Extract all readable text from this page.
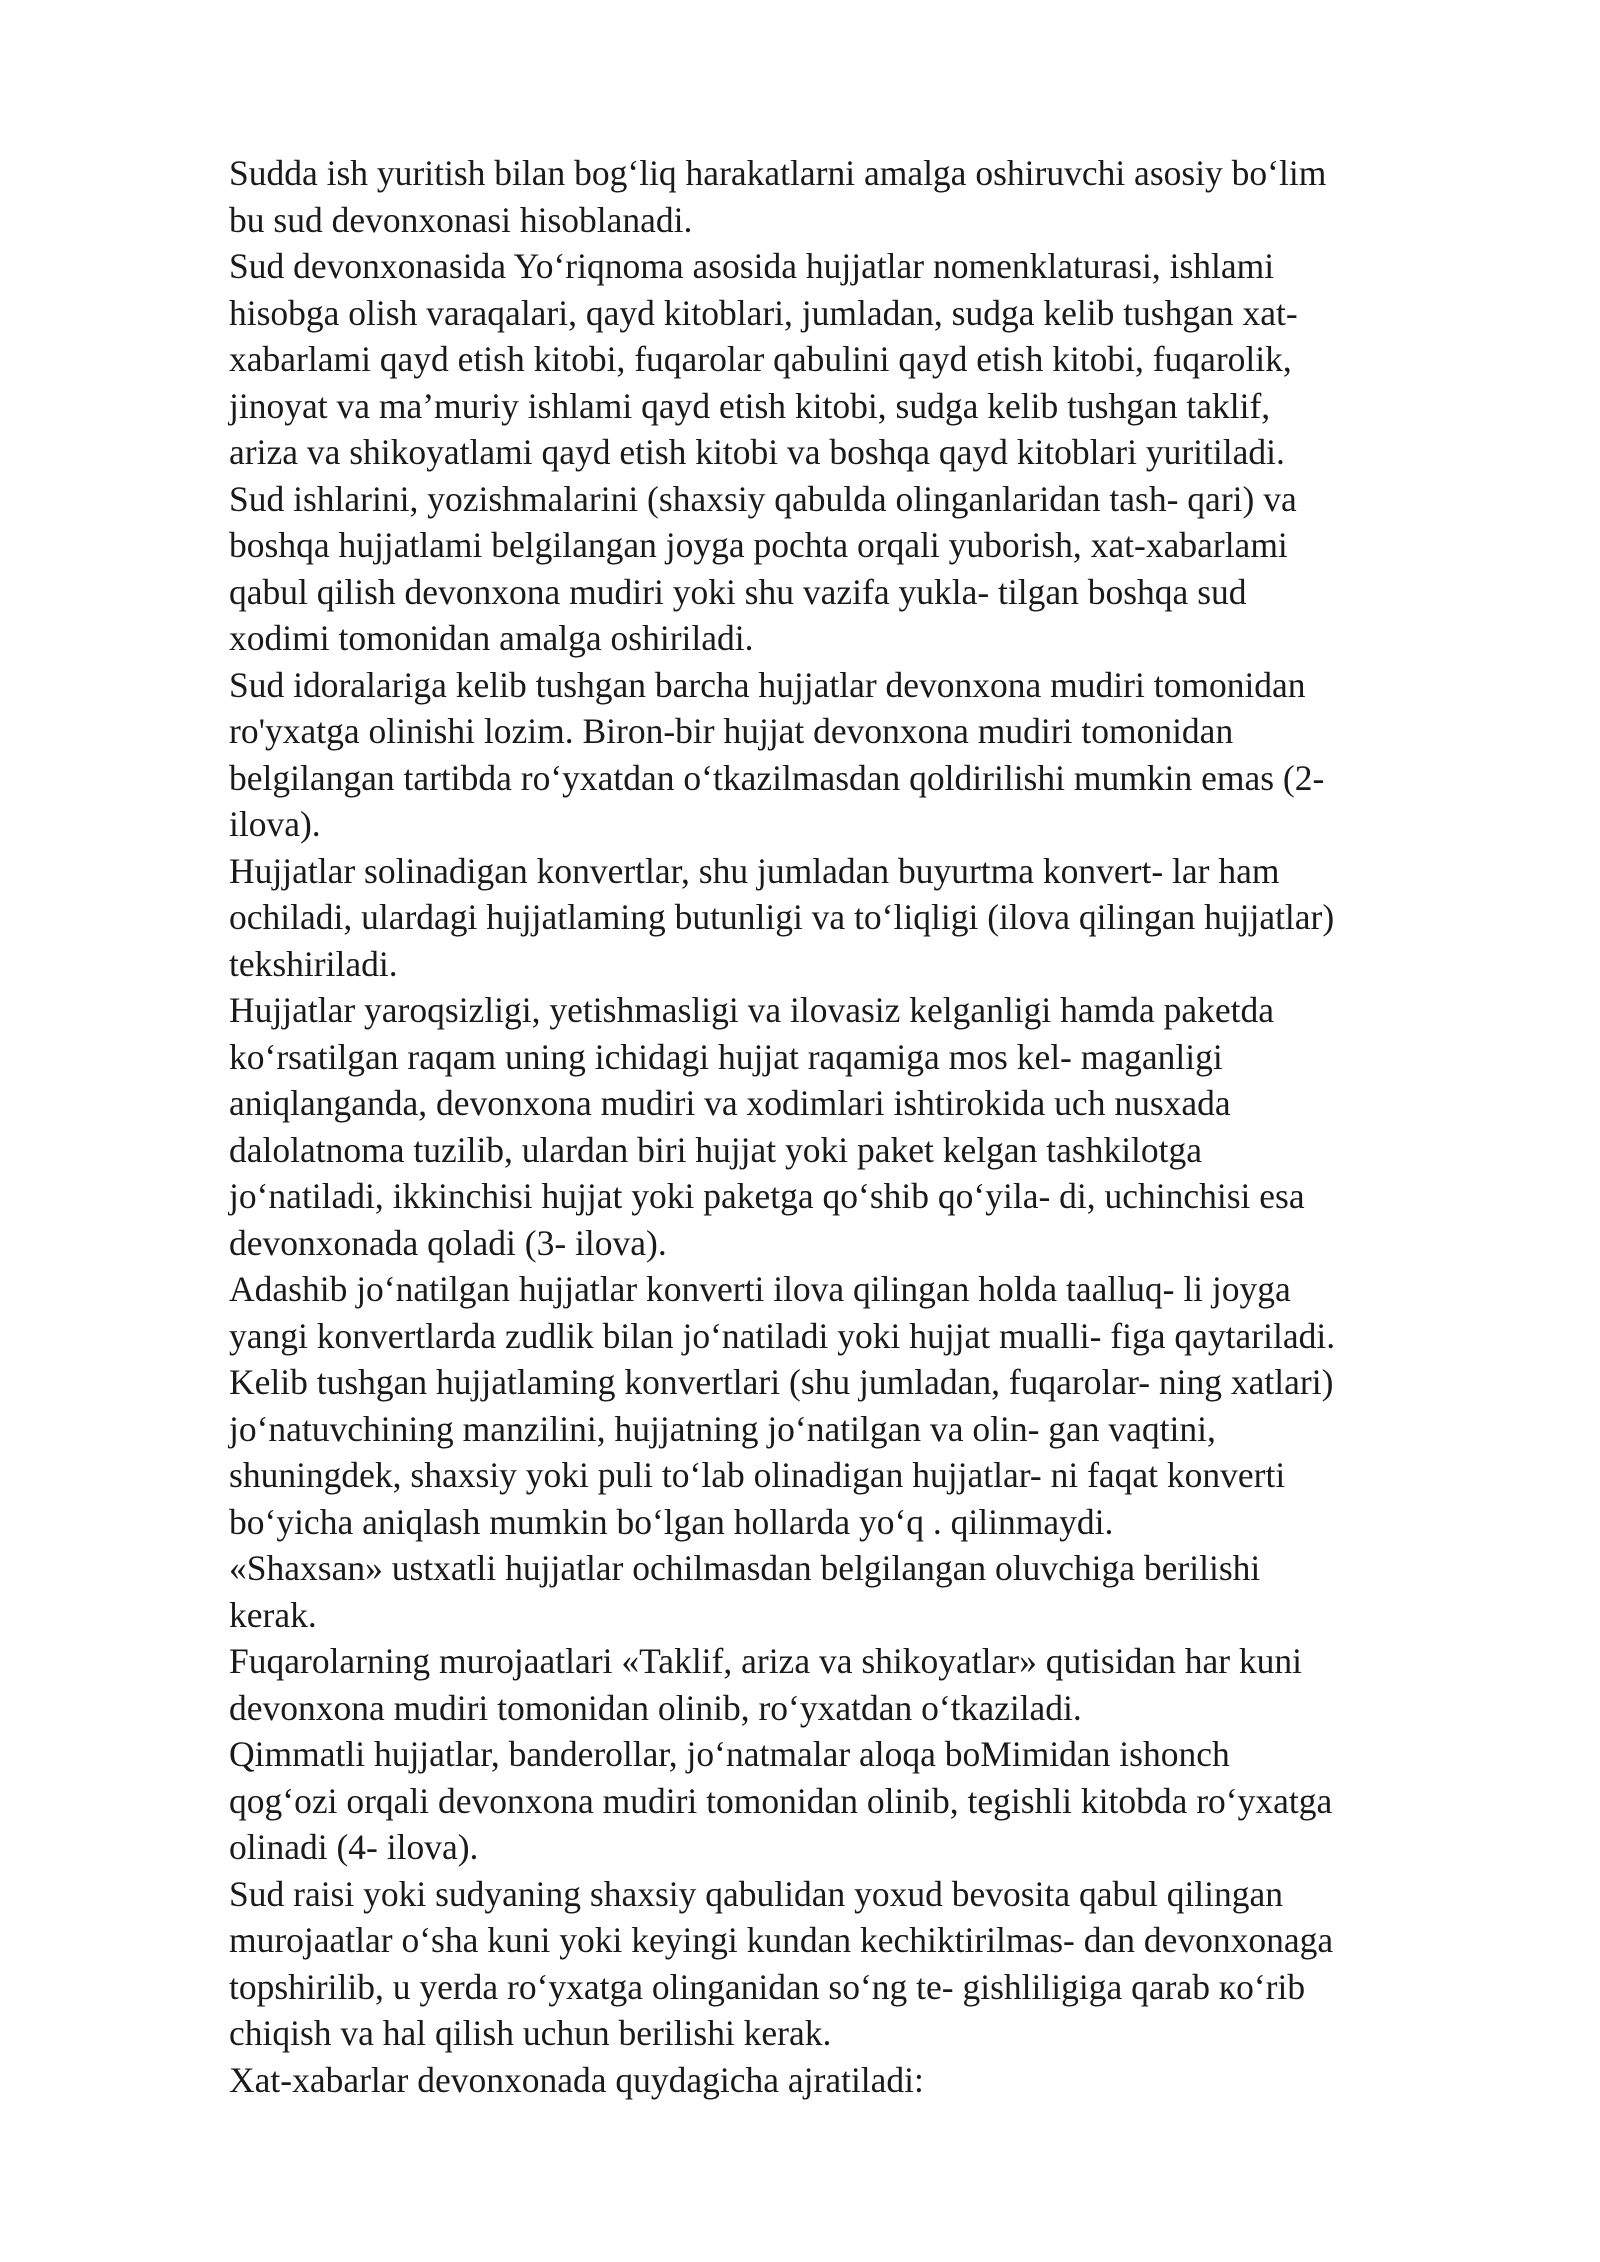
Sudda ish yuritish bilan bog‘liq harakatlarni amalga oshiruvchi asosiy bo‘lim

bu sud devonxonasi hisoblanadi.

Sud devonxonasida Yo‘riqnoma asosida hujjatlar nomenklaturasi, ishlami

hisobga olish varaqalari, qayd kitoblari, jumladan, sudga kelib tushgan xat-

xabarlami qayd etish kitobi, fuqarolar qabulini qayd etish kitobi, fuqarolik,

jinoyat va ma’muriy ishlami qayd etish kitobi, sudga kelib tushgan taklif,

ariza va shikoyatlami qayd etish kitobi va boshqa qayd kitoblari yuritiladi.

Sud ishlarini, yozishmalarini (shaxsiy qabulda olinganlaridan tash- qari) va

boshqa hujjatlami belgilangan joyga pochta orqali yuborish, xat-xabarlami

qabul qilish devonxona mudiri yoki shu vazifa yukla- tilgan boshqa sud

xodimi tomonidan amalga oshiriladi.

Sud idoralariga kelib tushgan barcha hujjatlar devonxona mudiri tomonidan

ro'yxatga olinishi lozim. Biron-bir hujjat devonxona mudiri tomonidan

belgilangan tartibda ro‘yxatdan o‘tkazilmasdan qoldirilishi mumkin emas (2-

ilova).

Hujjatlar solinadigan konvertlar, shu jumladan buyurtma konvert- lar ham

ochiladi, ulardagi hujjatlaming butunligi va to‘liqligi (ilova qilingan hujjatlar)

tekshiriladi.

Hujjatlar yaroqsizligi, yetishmasligi va ilovasiz kelganligi hamda paketda

ko‘rsatilgan raqam uning ichidagi hujjat raqamiga mos kel- maganligi

aniqlanganda, devonxona mudiri va xodimlari ishtirokida uch nusxada

dalolatnoma tuzilib, ulardan biri hujjat yoki paket kelgan tashkilotga

jo‘natiladi, ikkinchisi hujjat yoki paketga qo‘shib qo‘yila- di, uchinchisi esa

devonxonada qoladi (3- ilova).

Adashib jo‘natilgan hujjatlar konverti ilova qilingan holda taalluq- li joyga

yangi konvertlarda zudlik bilan jo‘natiladi yoki hujjat mualli- figa qaytariladi.

Kelib tushgan hujjatlaming konvertlari (shu jumladan, fuqarolar- ning xatlari)

jo‘natuvchining manzilini, hujjatning jo‘natilgan va olin- gan vaqtini,

shuningdek, shaxsiy yoki puli to‘lab olinadigan hujjatlar- ni faqat konverti

bo‘yicha aniqlash mumkin bo‘lgan hollarda yo‘q . qilinmaydi.

«Shaxsan» ustxatli hujjatlar ochilmasdan belgilangan oluvchiga berilishi

kerak.

Fuqarolarning murojaatlari «Taklif, ariza va shikoyatlar» qutisidan har kuni

devonxona mudiri tomonidan olinib, ro‘yxatdan o‘tkaziladi.

Qimmatli hujjatlar, banderollar, jo‘natmalar aloqa boMimidan ishonch

qog‘ozi orqali devonxona mudiri tomonidan olinib, tegishli kitobda ro‘yxatga

olinadi (4- ilova).

Sud raisi yoki sudyaning shaxsiy qabulidan yoxud bevosita qabul qilingan

murojaatlar o‘sha kuni yoki keyingi kundan kechiktirilmas- dan devonxonaga

topshirilib, u yerda ro‘yxatga olinganidan so‘ng te- gishliligiga qarab кo‘rib

chiqish va hal qilish uchun berilishi kerak.

Xat-xabarlar devonxonada quydagicha ajratiladi:
